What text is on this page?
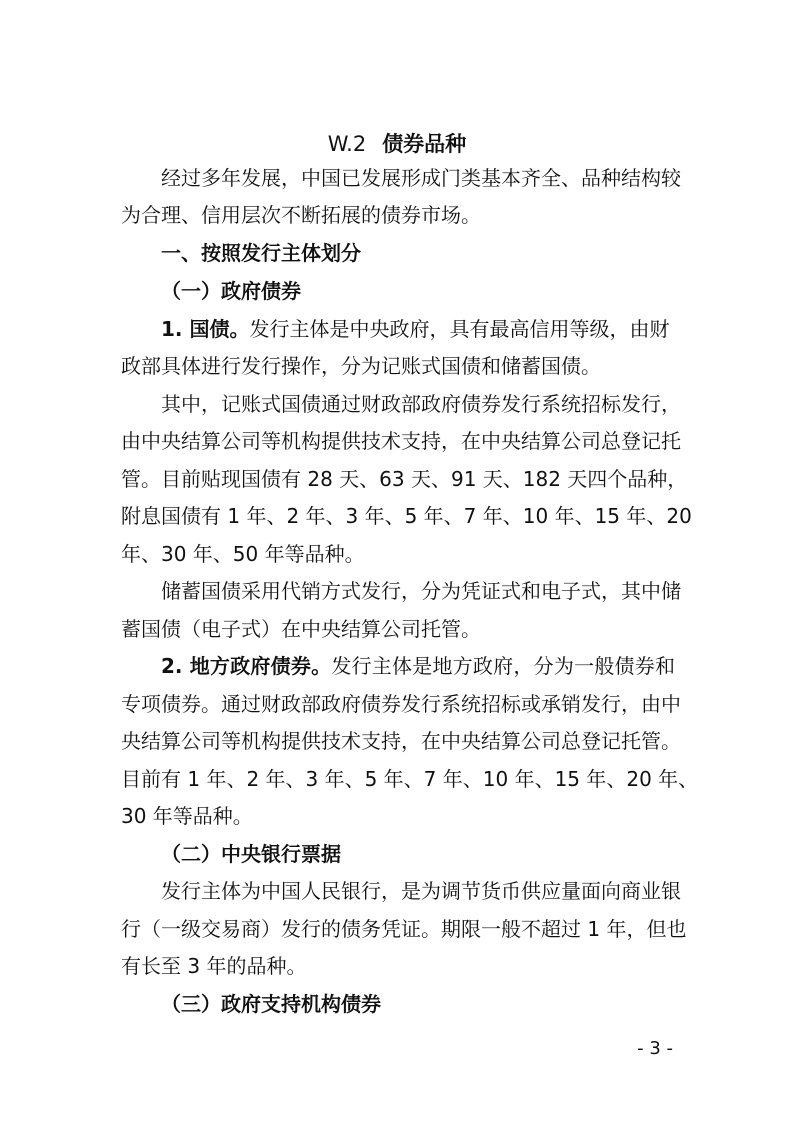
W.2 债券品种

经过多年发展，中国已发展形成门类基本齐全、品种结构较

为合理、信用层次不断拓展的债券市场。

一、按照发行主体划分

（一）政府债券

1. 国债。发行主体是中央政府，具有最高信用等级，由财

政部具体进行发行操作，分为记账式国债和储蓄国债。

其中，记账式国债通过财政部政府债券发行系统招标发行，

由中央结算公司等机构提供技术支持，在中央结算公司总登记托

管。目前贴现国债有 28 天、63 天、91 天、182 天四个品种，

附息国债有 1 年、2 年、3 年、5 年、7 年、10 年、15 年、20

年、30 年、50 年等品种。

储蓄国债采用代销方式发行，分为凭证式和电子式，其中储

蓄国债（电子式）在中央结算公司托管。

2. 地方政府债券。发行主体是地方政府，分为一般债券和

专项债券。通过财政部政府债券发行系统招标或承销发行，由中

央结算公司等机构提供技术支持，在中央结算公司总登记托管。

目前有 1 年、2 年、3 年、5 年、7 年、10 年、15 年、20 年、

30 年等品种。

（二）中央银行票据

发行主体为中国人民银行，是为调节货币供应量面向商业银

行（一级交易商）发行的债务凭证。期限一般不超过 1 年，但也

有长至 3 年的品种。

（三）政府支持机构债券

- 3 -
